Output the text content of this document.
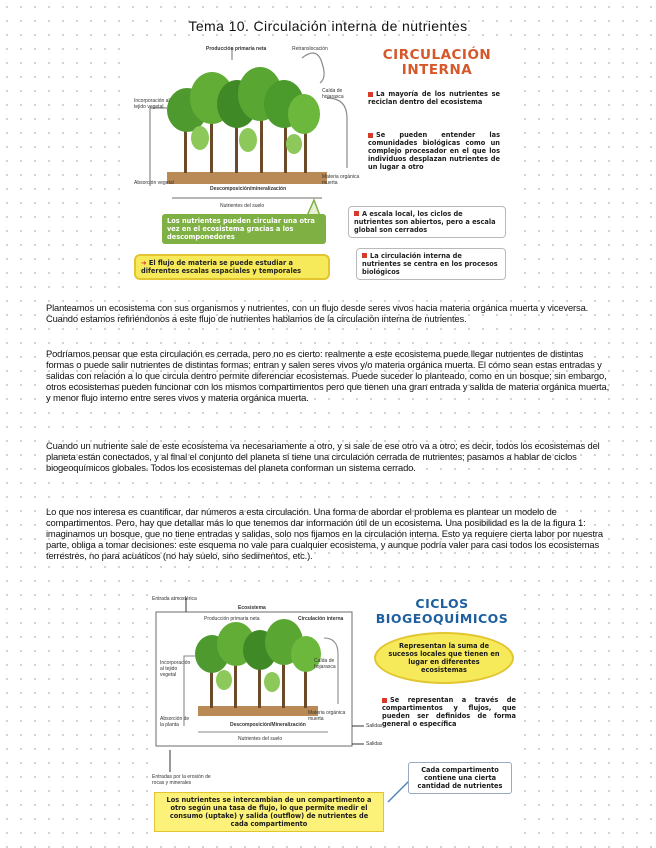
Tema 10. Circulación interna de nutrientes
Producción primaria neta	Retranslocación
Incorporación al tejido vegetal
Caída de hojarasca
Absorción vegetal
Materia orgánica muerta
Descomposición/mineralización
Nutrientes del suelo
CIRCULACIÓN
INTERNA
La mayoría de los nutrientes se reciclan dentro del ecosistema
Se pueden entender las comunidades biológicas como un complejo procesador en el que los individuos desplazan nutrientes de un lugar a otro
Los nutrientes pueden circular una otra vez en el ecosistema gracias a los descomponedores
A escala local, los ciclos de nutrientes son abiertos, pero a escala global son cerrados
➜ El flujo de materia se puede estudiar a diferentes escalas espaciales y temporales
La circulación interna de nutrientes se centra en los procesos biológicos

Planteamos un ecosistema con sus organismos y nutrientes, con un flujo desde seres vivos hacia materia orgánica muerta y viceversa. Cuando estamos refiriéndonos a este flujo de nutrientes hablamos de la circulación interna de nutrientes.

Podríamos pensar que esta circulación es cerrada, pero no es cierto: realmente a este ecosistema puede llegar nutrientes de distintas formas o puede salir nutrientes de distintas formas; entran y salen seres vivos y/o materia orgánica muerta. El cómo sean estas entradas y salidas con relación a lo que circula dentro permite diferenciar ecosistemas. Puede suceder lo planteado, como en un bosque; sin embargo, otros ecosistemas pueden funcionar con los mismos compartimentos pero que tienen una gran entrada y salida de materia orgánica muerta, y menor flujo interno entre seres vivos y materia orgánica muerta.

Cuando un nutriente sale de este ecosistema va necesariamente a otro, y si sale de ese otro va a otro; es decir, todos los ecosistemas del planeta están conectados, y al final el conjunto del planeta sí tiene una circulación cerrada de nutrientes; pasamos a hablar de ciclos biogeoquímicos globales. Todos los ecosistemas del planeta conforman un sistema cerrado.

Lo que nos interesa es cuantificar, dar números a esta circulación. Una forma de abordar el problema es plantear un modelo de compartimentos. Pero, hay que detallar más lo que tenemos dar información útil de un ecosistema. Una posibilidad es la de la figura 1: imaginamos un bosque, que no tiene entradas y salidas, solo nos fijamos en la circulación interna. Esto ya requiere cierta labor por nuestra parte, obliga a tomar decisiones: este esquema no vale para cualquier ecosistema, y aunque podría valer para casi todos los ecosistemas terrestres, no para acuáticos (no hay suelo, sino sedimentos, etc.).

Entrada atmosférica
Ecosistema
Producción primaria neta	Circulación interna
Incorporación al tejido vegetal
Caída de hojarasca
Absorción de la planta
Materia orgánica muerta
Descomposición/Mineralización
Nutrientes del suelo
Salidas
Salidas
Entradas por la erosión de rocas y minerales
CICLOS
BIOGEOQUÍMICOS
Representan la suma de sucesos locales que tienen en lugar en diferentes ecosistemas
Se representan a través de compartimentos y flujos, que pueden ser definidos de forma general o específica
Cada compartimento contiene una cierta cantidad de nutrientes
Los nutrientes se intercambian de un compartimento a otro según una tasa de flujo, lo que permite medir el consumo (uptake) y salida (outflow) de nutrientes de cada compartimento
